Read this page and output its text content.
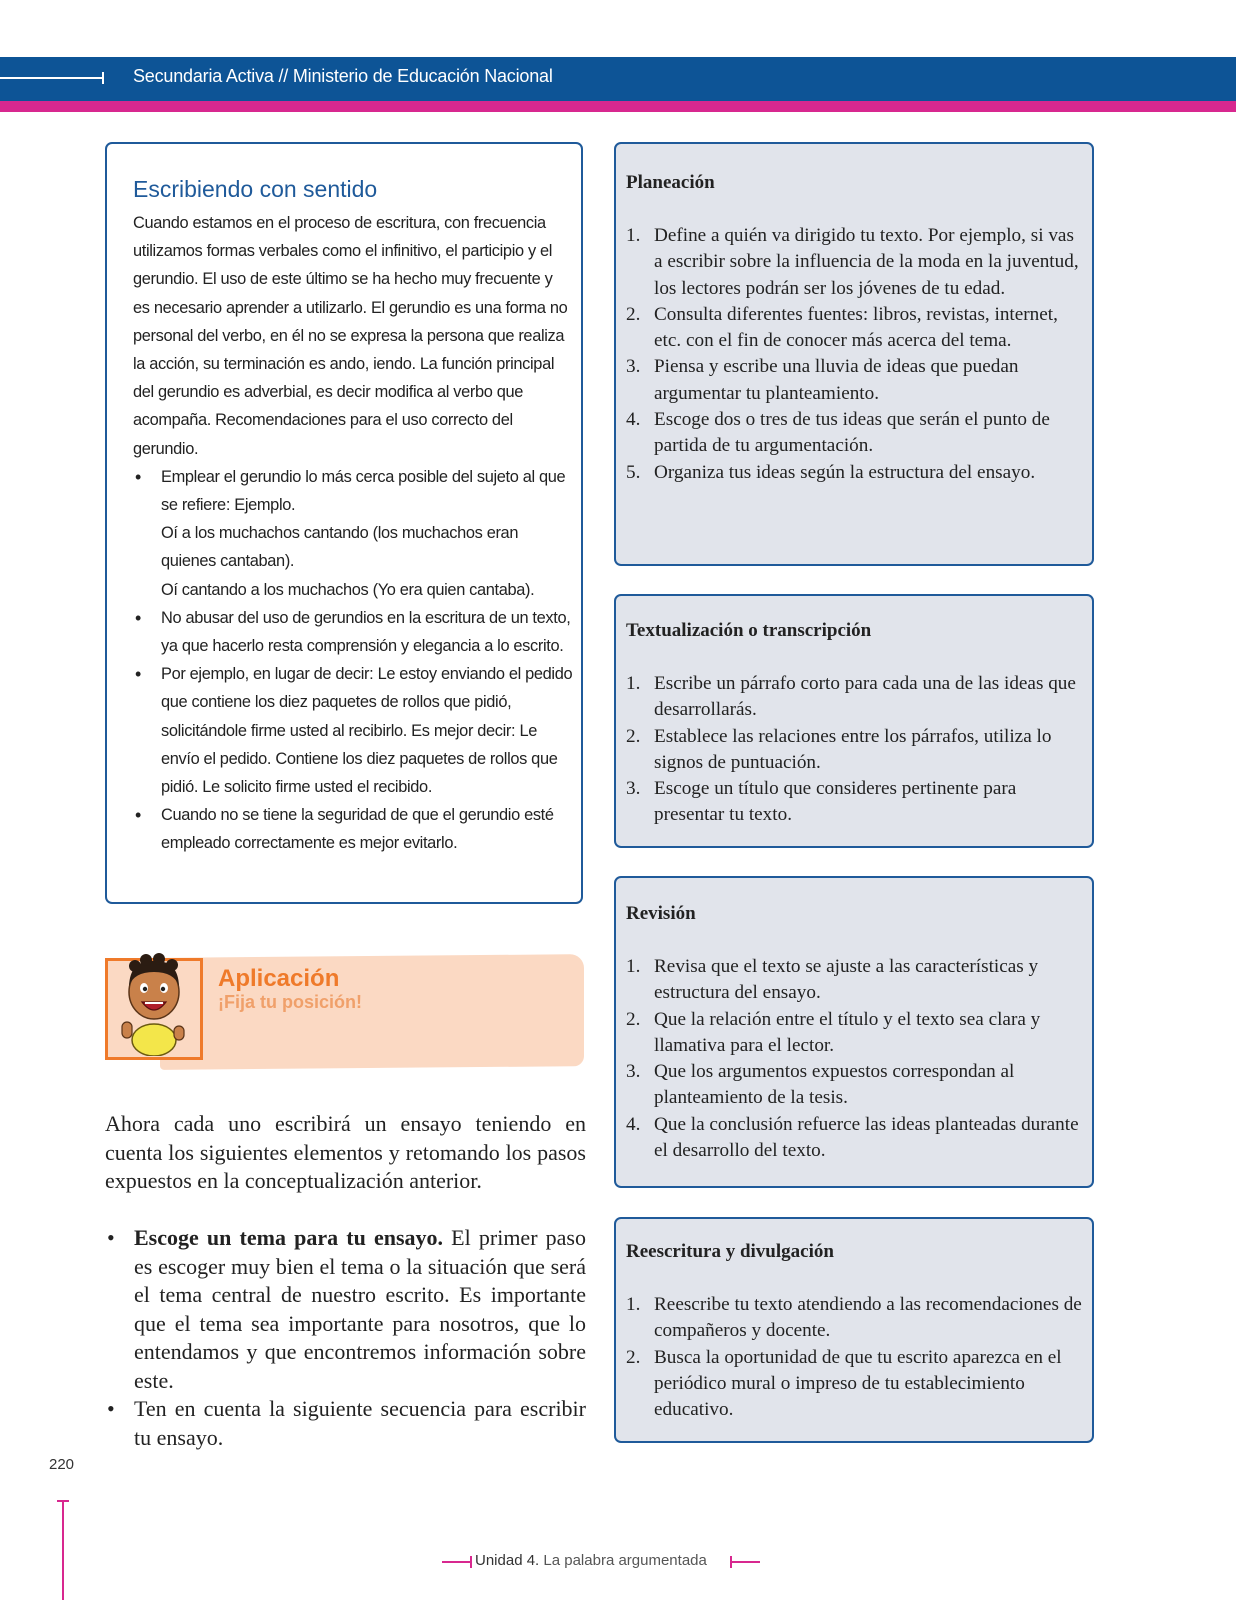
Secundaria Activa // Ministerio de Educación Nacional
Escribiendo con sentido

Cuando estamos en el proceso de escritura, con frecuencia utilizamos formas verbales como el infinitivo, el participio y el gerundio. El uso de este último se ha hecho muy frecuente y es necesario aprender a utilizarlo. El gerundio es una forma no personal del verbo, en él no se expresa la persona que realiza la acción, su terminación es ando, iendo. La función principal del gerundio es adverbial, es decir modifica al verbo que acompaña. Recomendaciones para el uso correcto del gerundio.

• Emplear el gerundio lo más cerca posible del sujeto al que se refiere: Ejemplo.
Oí a los muchachos cantando (los muchachos eran quienes cantaban).
Oí cantando a los muchachos (Yo era quien cantaba).
• No abusar del uso de gerundios en la escritura de un texto, ya que hacerlo resta comprensión y elegancia a lo escrito.
• Por ejemplo, en lugar de decir: Le estoy enviando el pedido que contiene los diez paquetes de rollos que pidió, solicitándole firme usted al recibirlo. Es mejor decir: Le envío el pedido. Contiene los diez paquetes de rollos que pidió. Le solicito firme usted el recibido.
• Cuando no se tiene la seguridad de que el gerundio esté empleado correctamente es mejor evitarlo.
Aplicación
¡Fija tu posición!
Ahora cada uno escribirá un ensayo teniendo en cuenta los siguientes elementos y retomando los pasos expuestos en la conceptualización anterior.
• Escoge un tema para tu ensayo. El primer paso es escoger muy bien el tema o la situación que será el tema central de nuestro escrito. Es importante que el tema sea importante para nosotros, que lo entendamos y que encontremos información sobre este.
• Ten en cuenta la siguiente secuencia para escribir tu ensayo.
220
Planeación
1. Define a quién va dirigido tu texto. Por ejemplo, si vas a escribir sobre la influencia de la moda en la juventud, los lectores podrán ser los jóvenes de tu edad.
2. Consulta diferentes fuentes: libros, revistas, internet, etc. con el fin de conocer más acerca del tema.
3. Piensa y escribe una lluvia de ideas que puedan argumentar tu planteamiento.
4. Escoge dos o tres de tus ideas que serán el punto de partida de tu argumentación.
5. Organiza tus ideas según la estructura del ensayo.
Textualización o transcripción
1. Escribe un párrafo corto para cada una de las ideas que desarrollarás.
2. Establece las relaciones entre los párrafos, utiliza lo signos de puntuación.
3. Escoge un título que consideres pertinente para presentar tu texto.
Revisión
1. Revisa que el texto se ajuste a las características y estructura del ensayo.
2. Que la relación entre el título y el texto sea clara y llamativa para el lector.
3. Que los argumentos expuestos correspondan al planteamiento de la tesis.
4. Que la conclusión refuerce las ideas planteadas durante el desarrollo del texto.
Reescritura y divulgación
1. Reescribe tu texto atendiendo a las recomendaciones de compañeros y docente.
2. Busca la oportunidad de que tu escrito aparezca en el periódico mural o impreso de tu establecimiento educativo.
Unidad 4. La palabra argumentada
